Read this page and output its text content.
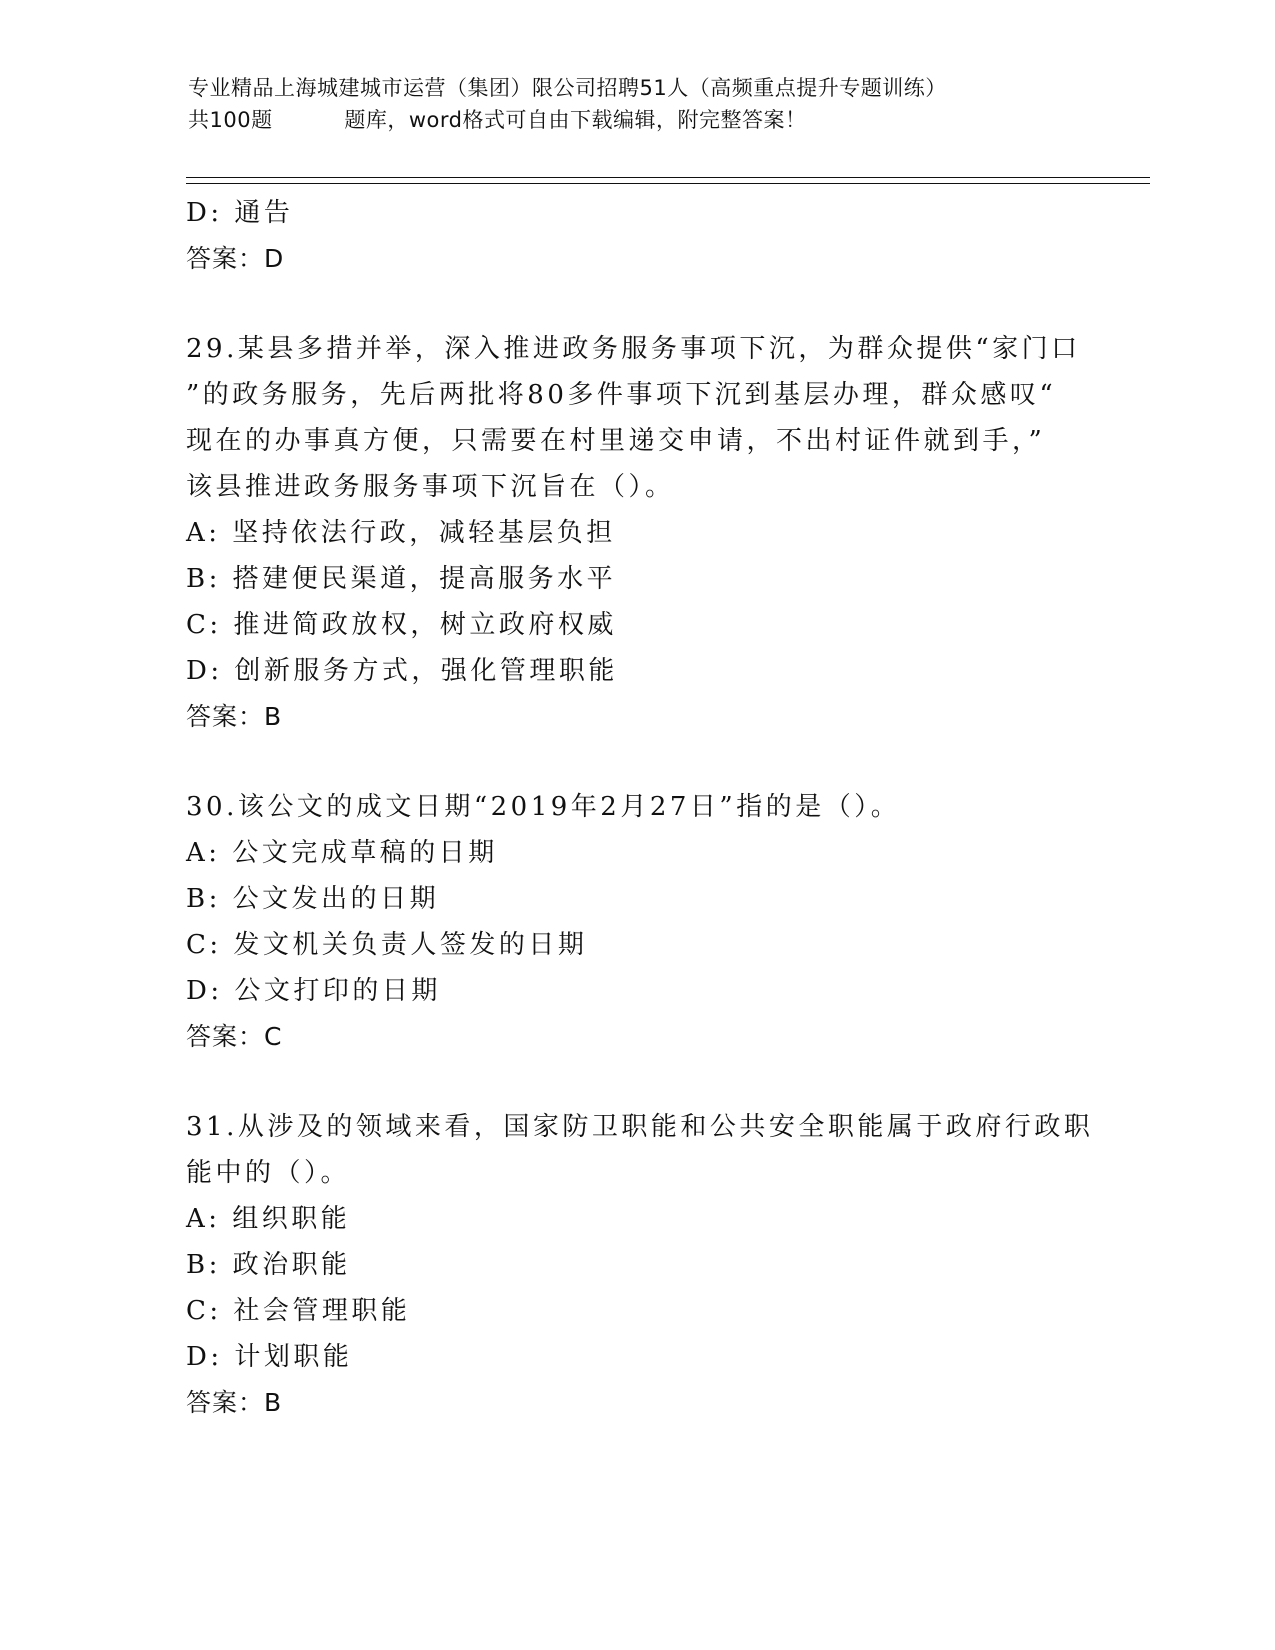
专业精品上海城建城市运营（集团）限公司招聘51人（高频重点提升专题训练）
共100题          题库，word格式可自由下载编辑，附完整答案！
D: 通告
答案：D
29.某县多措并举，深入推进政务服务事项下沉，为群众提供“家门口
”的政务服务，先后两批将80多件事项下沉到基层办理，群众感叹“
现在的办事真方便，只需要在村里递交申请，不出村证件就到手，”
该县推进政务服务事项下沉旨在（）。
A: 坚持依法行政，减轻基层负担
B: 搭建便民渠道，提高服务水平
C: 推进简政放权，树立政府权威
D: 创新服务方式，强化管理职能
答案：B
30.该公文的成文日期“2019年2月27日”指的是（）。
A: 公文完成草稿的日期
B: 公文发出的日期
C: 发文机关负责人签发的日期
D: 公文打印的日期
答案：C
31.从涉及的领域来看，国家防卫职能和公共安全职能属于政府行政职
能中的（）。
A: 组织职能
B: 政治职能
C: 社会管理职能
D: 计划职能
答案：B
